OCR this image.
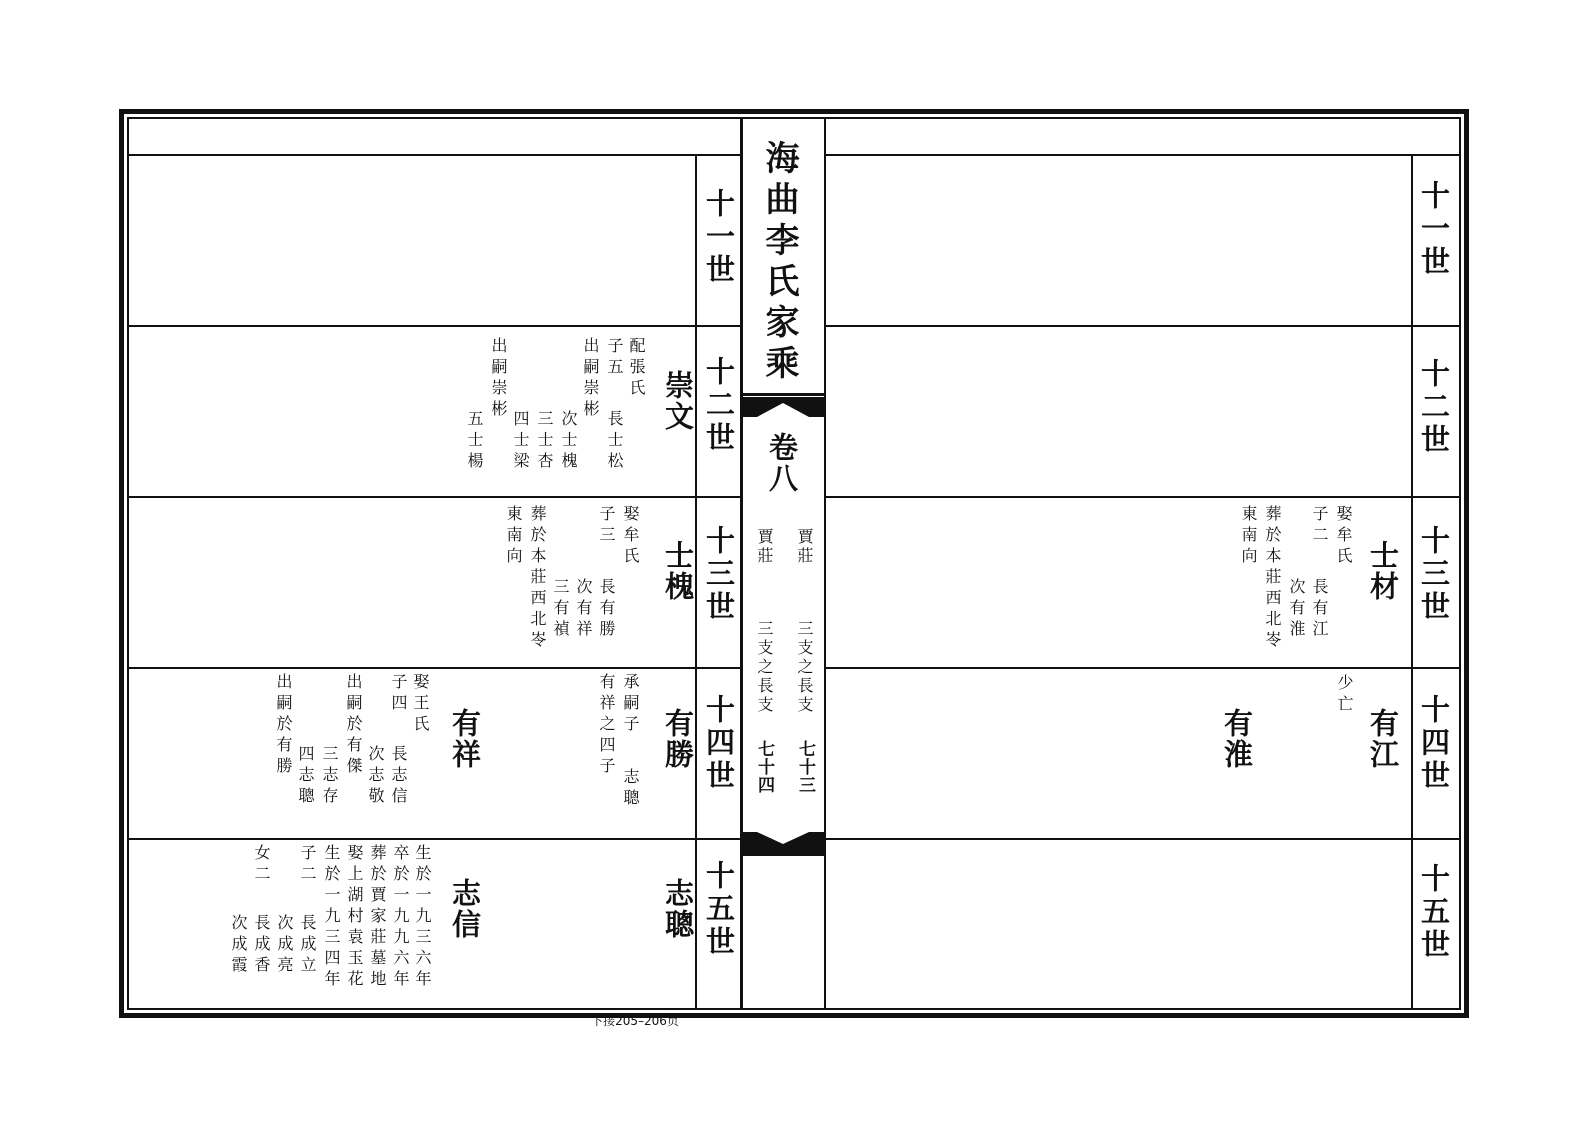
海曲李氏家乘
卷八
賈莊
賈莊
三支之長支
三支之長支
七十三
七十四
十一世
十二世
十三世
十四世
十五世
十一世
十二世
十三世
十四世
十五世
士材
娶牟氏
子二
長有江
次有淮
葬於本莊西北岺
東南向
有江
少亡
有淮
崇文
配張氏
子五
長士松
出嗣崇彬
次士槐
三士杏
四士梁
出嗣崇彬
五士楊
士槐
娶牟氏
子三
長有勝
次有祥
三有禎
葬於本莊西北岺
東南向
有勝
承嗣子
有祥之四子
志聰
有祥
娶王氏
子四
長志信
出嗣於有傑 次志敬
三志存
四志聰
出嗣於有勝
志聰
志信
生於一九三六年
卒於一九九六年
葬於賈家莊墓地
娶上湖村袁玉花
生於一九三四年
子二
長成立
次成亮
女二
長成香
次成霞
下接205–206页
